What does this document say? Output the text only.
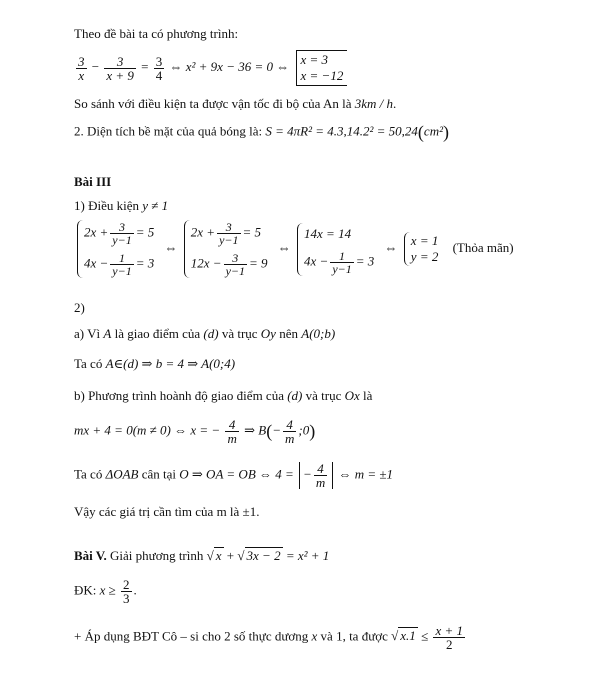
Theo đề bài ta có phương trình:
$\frac{3}{x} - \frac{3}{x + 9} = \frac{3}{4}$ ⇔ x² + 9x − 36 = 0 ⇔ x = 3
x = −12
So sánh với điều kiện ta được vận tốc đi bộ của An là 3km / h.
2. Diện tích bề mặt của quả bóng là: S = 4πR² = 4.3,14.2² = 50,24(cm²)
Bài III
1) Điều kiện y ≠ 1
$2x + \frac{3}{y-1} = 5$
$4x - \frac{1}{y-1} = 3$
⇔
$2x + \frac{3}{y-1} = 5$
$12x - \frac{3}{y-1} = 9$
⇔
14x = 14
$4x - \frac{1}{y-1} = 3$
⇔ x = 1
y = 2
(Thỏa mãn)
2)
a) Vì A là giao điểm của (d) và trục Oy nên A(0;b)
Ta có A∈(d) ⇒ b = 4 ⇒ A(0;4)
b) Phương trình hoành độ giao điểm của (d) và trục Ox là
mx + 4 = 0(m ≠ 0) ⇔ x = − $\frac{4}{m}$ ⇒ $B(- \frac{4}{m}$ ;0)
Ta có ΔOAB cân tại O ⇒ OA = OB ⇔ 4 = − $\frac{4}{m}$ ⇔ m = ±1
Vậy các giá trị cần tìm của m là ±1.
Bài V. Giải phương trình √ x + √ 3x − 2 = x² + 1
ĐK: $x \ge \frac{2}{3}$ .
+ Áp dụng BĐT Cô – si cho 2 số thực dương x và 1, ta được √ $x.1 \le \frac{x + 1}{2}$
